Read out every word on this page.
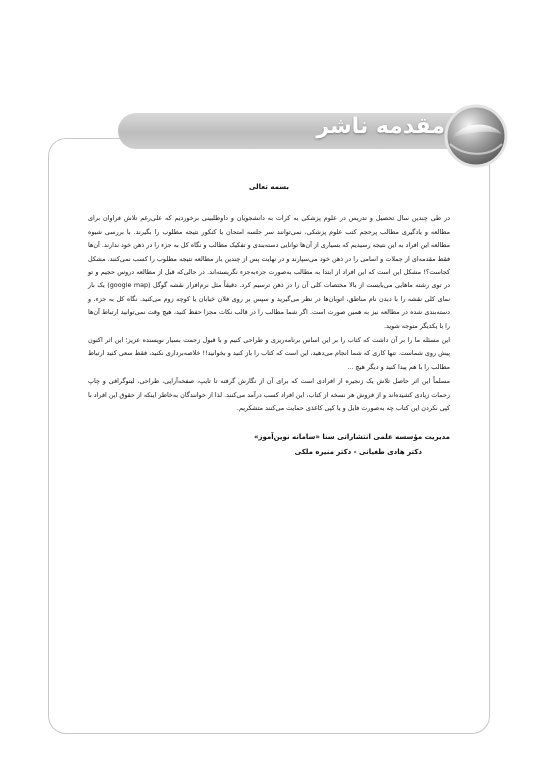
مقدمه ناشر
بسمه تعالی

در طی چندین سال تحصیل و تدریس در علوم پزشکی به کرات به دانشجویان و داوطلبینی برخوردیم که علی‌رغم تلاش فراوان برای مطالعه و یادگیری مطالب پرحجم کتب علوم پزشکی، نمی‌توانند سر جلسه امتحان یا کنکور نتیجه مطلوب را بگیرند. با بررسی شیوه مطالعه این افراد به این نتیجه رسیدیم که بسیاری از آن‌ها توانایی دسته‌بندی و تفکیک مطالب و نگاه کل به جزء را در ذهن خود ندارند. آن‌ها فقط مقدمه‌ای از جملات و اسامی را در ذهن خود می‌سپارند و در نهایت پس از چندین بار مطالعه نتیجه مطلوب را کسب نمی‌کنند. مشکل کجاست؟! مشکل این است که این افراد از ابتدا به مطالب به‌صورت جزء‌به‌جزء نگریسته‌اند. در حالی‌که قبل از مطالعه دروس حجیم و تو در توی رشته ماهایی می‌بایست از بالا مختصات کلی آن را در ذهن ترسیم کرد. دقیقاً مثل نرم‌افزار نقشه گوگل (google map) یک بار نمای کلی نقشه را با دیدن نام مناطق، اتوبان‌ها در نظر می‌گیرید و سپس بر روی فلان خیابان یا کوچه زوم می‌کنید. نگاه کل به جزء، و دسته‌بندی شده در مطالعه نیز به همین صورت است. اگر شما مطالب را در قالب نکات مجزا حفظ کنید، هیچ وقت نمی‌توانید ارتباط آن‌ها را با یکدیگر متوجه شوید.

این مسئله ما را بر آن داشت که کتاب را بر این اساس برنامه‌ریزی و طراحی کنیم و با قبول زحمت بسیار نویسنده عزیز؛ این اثر اکنون پیش روی شماست. تنها کاری که شما انجام می‌دهید، این است که کتاب را باز کنید و بخوانید!! خلاصه‌برداری نکنید، فقط سعی کنید ارتباط مطالب را با هم پیدا کنید و دیگر هیچ ...

مسلماً این اثر حاصل تلاش یک زنجیره از افرادی است که برای آن از نگارش گرفته تا تایپ، صفحه‌آرایی، طراحی، لیتوگرافی و چاپ زحمات زیادی کشیده‌اند و از فروش هر نسخه از کتاب، این افراد کسب درآمد می‌کنند. لذا از خوانندگان به‌خاطر اینکه از حقوق این افراد با کپی نکردن این کتاب چه به‌صورت فایل و یا کپی کاغذی حمایت می‌کنند متشکریم.

مدیریت مؤسسه علمی انتشاراتی سنا «سامانه نوین‌آموز»
دکتر هادی طغیانی - دکتر منیره ملکی
